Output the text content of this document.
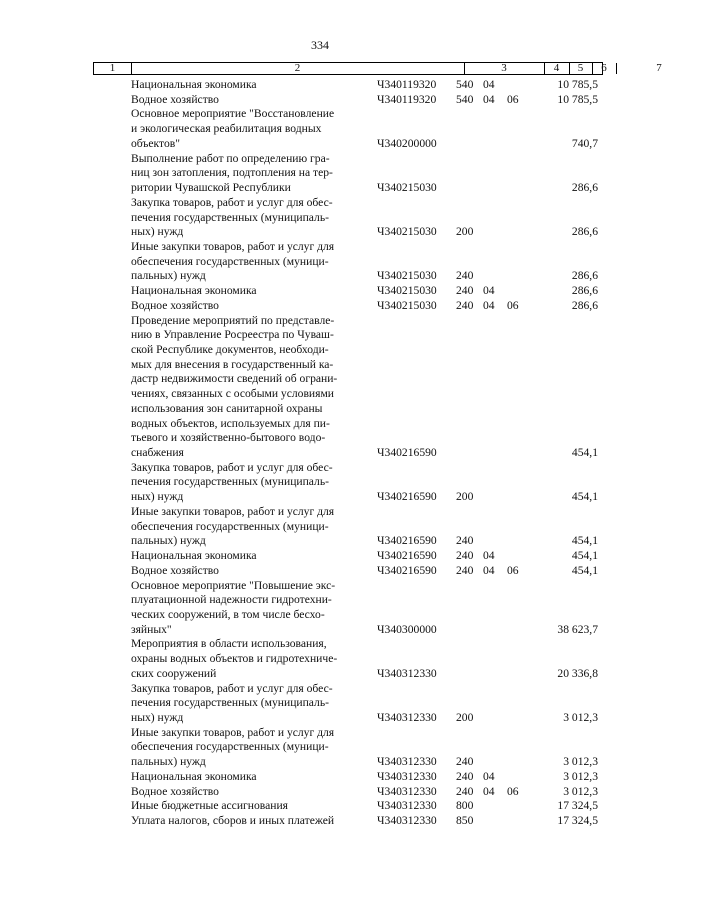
334
1	2	3	4	5	6	7
Национальная экономика	Ч340119320 540 04	10 785,5
Водное хозяйство	Ч340119320 540 04 06	10 785,5
Основное мероприятие "Восстановление
и экологическая реабилитация водных
объектов"	Ч340200000	740,7
Выполнение работ по определению гра-
ниц зон затопления, подтопления на тер-
ритории Чувашской Республики	Ч340215030	286,6
Закупка товаров, работ и услуг для обес-
печения государственных (муниципаль-
ных) нужд	Ч340215030 200	286,6
Иные закупки товаров, работ и услуг для
обеспечения государственных (муници-
пальных) нужд	Ч340215030 240	286,6
Национальная экономика	Ч340215030 240 04	286,6
Водное хозяйство	Ч340215030 240 04 06	286,6
Проведение мероприятий по представле-
нию в Управление Росреестра по Чуваш-
ской Республике документов, необходи-
мых для внесения в государственный ка-
дастр недвижимости сведений об ограни-
чениях, связанных с особыми условиями
использования зон санитарной охраны
водных объектов, используемых для пи-
тьевого и хозяйственно-бытового водо-
снабжения	Ч340216590	454,1
Закупка товаров, работ и услуг для обес-
печения государственных (муниципаль-
ных) нужд	Ч340216590 200	454,1
Иные закупки товаров, работ и услуг для
обеспечения государственных (муници-
пальных) нужд	Ч340216590 240	454,1
Национальная экономика	Ч340216590 240 04	454,1
Водное хозяйство	Ч340216590 240 04 06	454,1
Основное мероприятие "Повышение экс-
плуатационной надежности гидротехни-
ческих сооружений, в том числе бесхо-
зяйных"	Ч340300000	38 623,7
Мероприятия в области использования,
охраны водных объектов и гидротехниче-
ских сооружений	Ч340312330	20 336,8
Закупка товаров, работ и услуг для обес-
печения государственных (муниципаль-
ных) нужд	Ч340312330 200	3 012,3
Иные закупки товаров, работ и услуг для
обеспечения государственных (муници-
пальных) нужд	Ч340312330 240	3 012,3
Национальная экономика	Ч340312330 240 04	3 012,3
Водное хозяйство	Ч340312330 240 04 06	3 012,3
Иные бюджетные ассигнования	Ч340312330 800	17 324,5
Уплата налогов, сборов и иных платежей	Ч340312330 850	17 324,5
